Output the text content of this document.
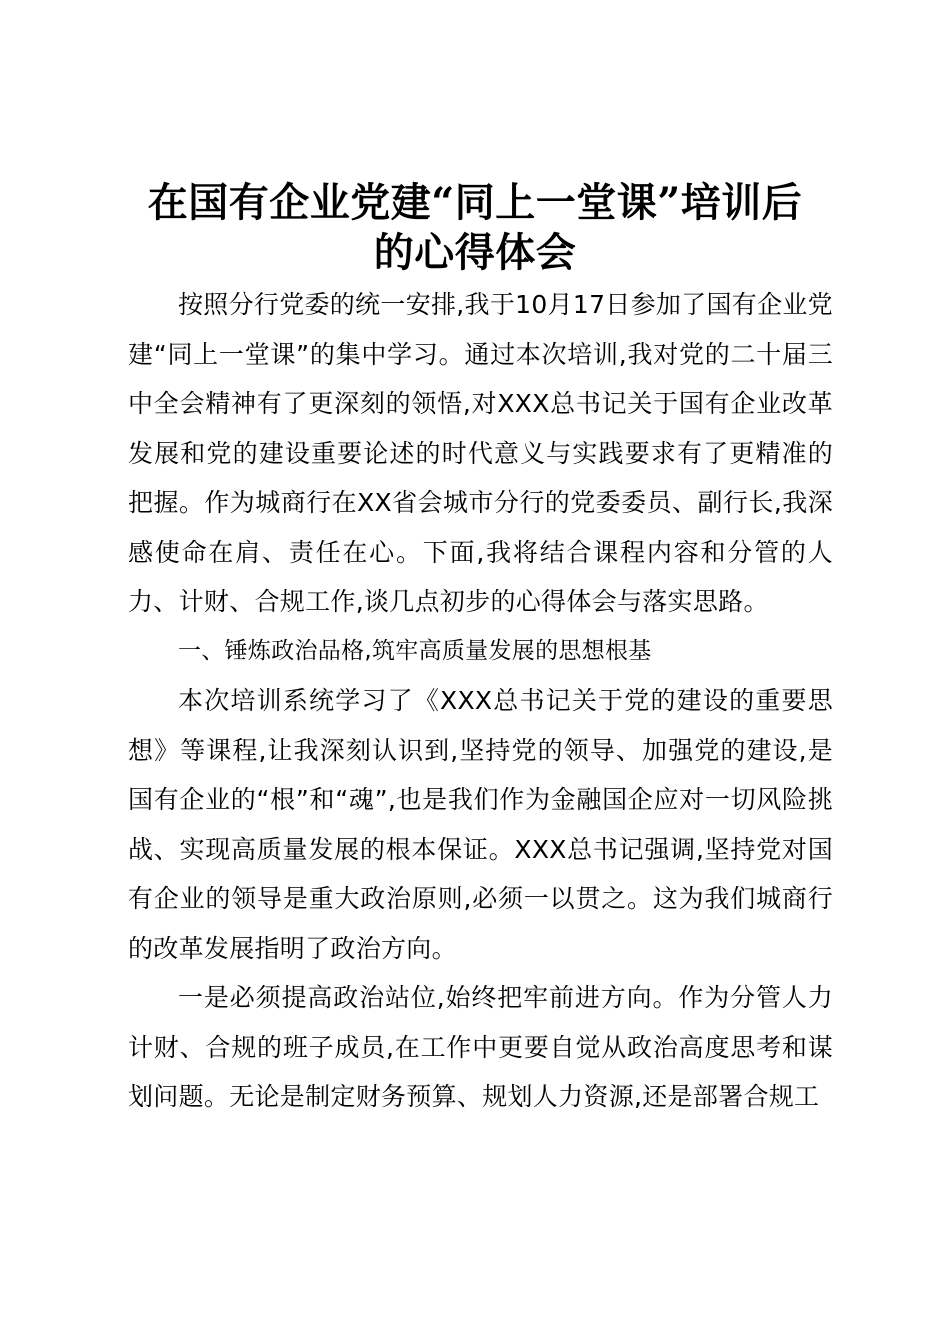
在国有企业党建“同上一堂课”培训后
的心得体会

按照分行党委的统一安排,我于10月17日参加了国有企业党建“同上一堂课”的集中学习。通过本次培训,我对党的二十届三中全会精神有了更深刻的领悟,对XXX总书记关于国有企业改革发展和党的建设重要论述的时代意义与实践要求有了更精准的把握。作为城商行在XX省会城市分行的党委委员、副行长,我深感使命在肩、责任在心。下面,我将结合课程内容和分管的人力、计财、合规工作,谈几点初步的心得体会与落实思路。

一、锤炼政治品格,筑牢高质量发展的思想根基

本次培训系统学习了《XXX总书记关于党的建设的重要思想》等课程,让我深刻认识到,坚持党的领导、加强党的建设,是国有企业的“根”和“魂”,也是我们作为金融国企应对一切风险挑战、实现高质量发展的根本保证。XXX总书记强调,坚持党对国有企业的领导是重大政治原则,必须一以贯之。这为我们城商行的改革发展指明了政治方向。

一是必须提高政治站位,始终把牢前进方向。作为分管人力计财、合规的班子成员,在工作中更要自觉从政治高度思考和谋划问题。无论是制定财务预算、规划人力资源,还是部署合规工
